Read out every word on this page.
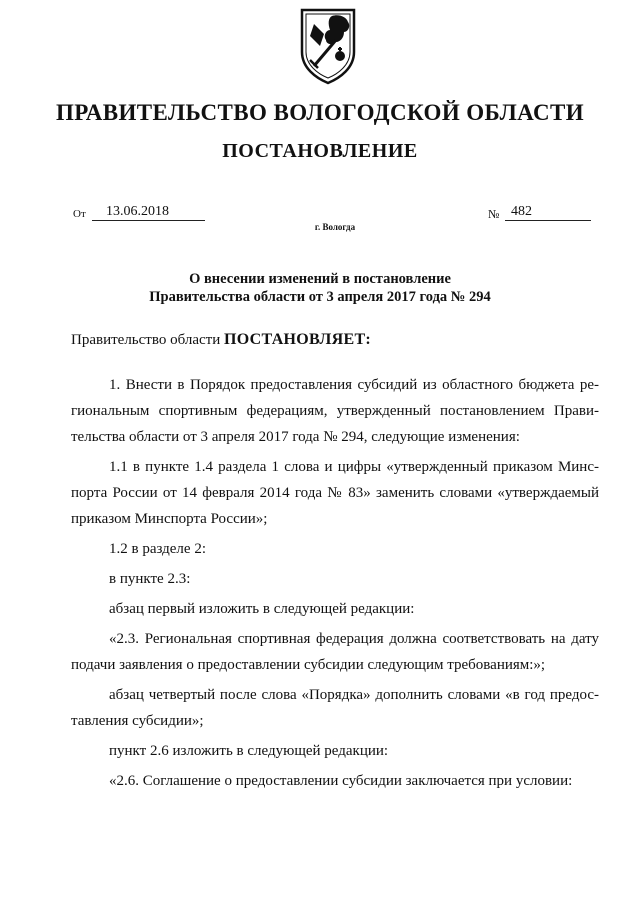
ПРАВИТЕЛЬСТВО ВОЛОГОДСКОЙ ОБЛАСТИ
ПОСТАНОВЛЕНИЕ
От	13.06.2018	№ 482
г. Вологда
О внесении изменений в постановление
Правительства области от 3 апреля 2017 года № 294
Правительство области ПОСТАНОВЛЯЕТ:

1. Внести в Порядок предоставления субсидий из областного бюджета ре-гиональным спортивным федерациям, утвержденный постановлением Прави-тельства области от 3 апреля 2017 года № 294, следующие изменения:

1.1 в пункте 1.4 раздела 1 слова и цифры «утвержденный приказом Минс-порта России от 14 февраля 2014 года № 83» заменить словами «утверждаемый приказом Минспорта России»;

1.2 в разделе 2:

в пункте 2.3:

абзац первый изложить в следующей редакции:

«2.3. Региональная спортивная федерация должна соответствовать на дату подачи заявления о предоставлении субсидии следующим требованиям:»;

абзац четвертый после слова «Порядка» дополнить словами «в год предос-тавления субсидии»;

пункт 2.6 изложить в следующей редакции:

«2.6. Соглашение о предоставлении субсидии заключается при условии:
